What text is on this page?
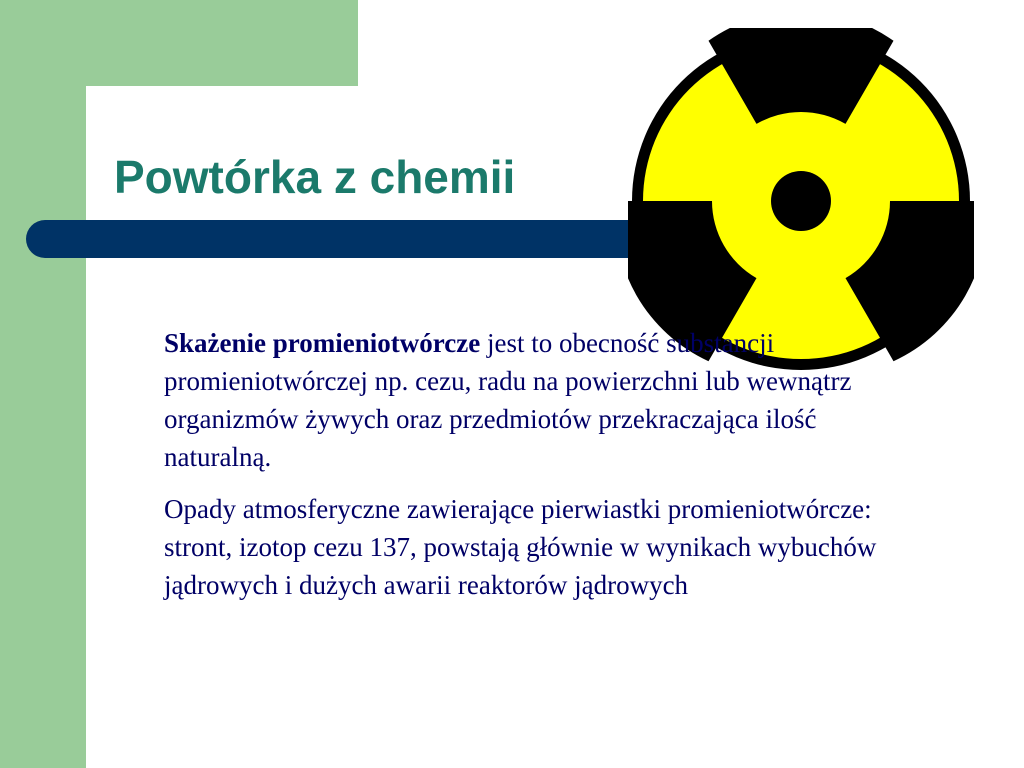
Powtórka z chemii

Skażenie promieniotwórcze jest to obecność substancji promieniotwórczej np. cezu, radu na powierzchni lub wewnątrz organizmów żywych oraz przedmiotów przekraczająca ilość naturalną.

Opady atmosferyczne zawierające pierwiastki promieniotwórcze: stront, izotop cezu 137, powstają głównie w wynikach wybuchów jądrowych i dużych awarii reaktorów jądrowych
